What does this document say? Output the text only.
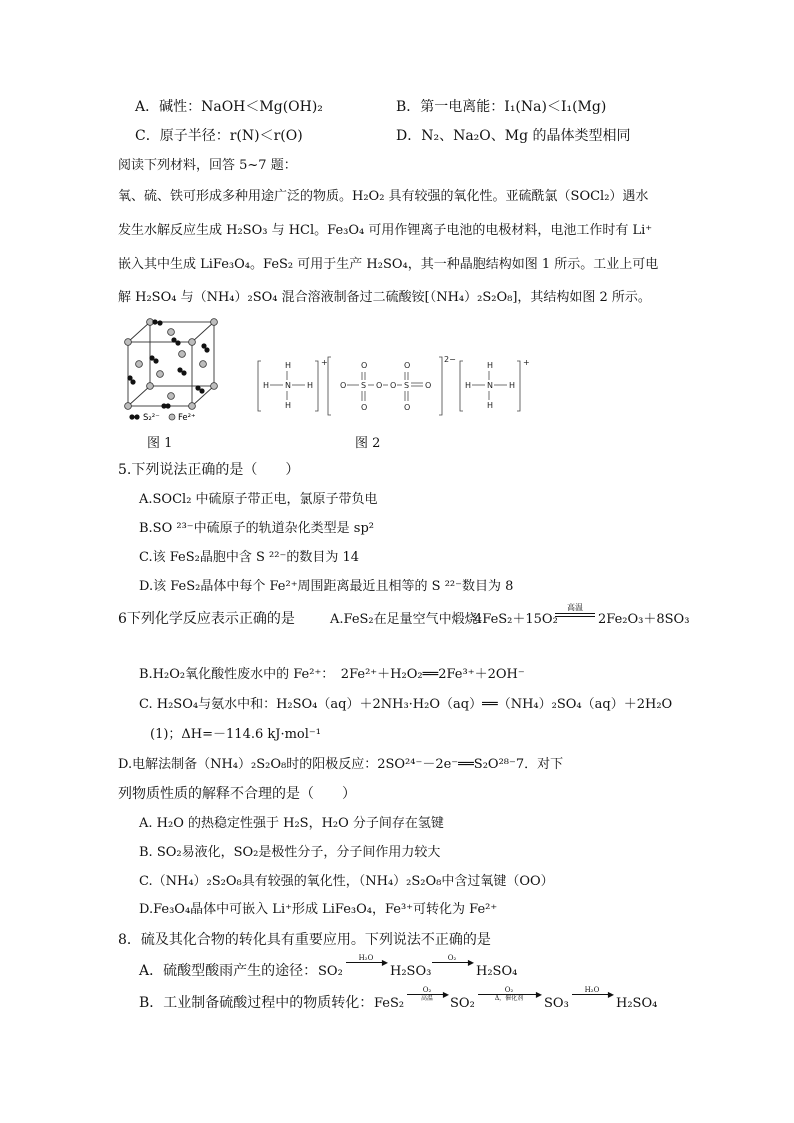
A．碱性：NaOH＜Mg(OH)₂	B．第一电离能：I₁(Na)＜I₁(Mg)
C．原子半径：r(N)＜r(O)	D．N₂、Na₂O、Mg 的晶体类型相同
阅读下列材料，回答 5~7 题：
氧、硫、铁可形成多种用途广泛的物质。H₂O₂ 具有较强的氧化性。亚硫酰氯（SOCl₂）遇水
发生水解反应生成 H₂SO₃ 与 HCl。Fe₃O₄ 可用作锂离子电池的电极材料，电池工作时有 Li⁺
嵌入其中生成 LiFe₃O₄。FeS₂ 可用于生产 H₂SO₄，其一种晶胞结构如图 1 所示。工业上可电
解 H₂SO₄ 与（NH₄）₂SO₄ 混合溶液制备过二硫酸铵[（NH₄）₂S₂O₈]，其结构如图 2 所示。
S₂²⁻ Fe²⁺
图 1
+
H
H N H
H
2−
O	O
O S O O S O
O	O
+
H
H N H
H
图 2
5.下列说法正确的是（　　）
A.SOCl₂ 中硫原子带正电，氯原子带负电
B.SO ²³⁻中硫原子的轨道杂化类型是 sp²
C.该 FeS₂晶胞中含 S ²²⁻的数目为 14
D.该 FeS₂晶体中每个 Fe²⁺周围距离最近且相等的 S ²²⁻数目为 8
6下列化学反应表示正确的是	A.FeS₂在足量空气中煅烧:
4FeS₂＋15O₂
高温
2Fe₂O₃＋8SO₃
B.H₂O₂氧化酸性废水中的 Fe²⁺：　2Fe²⁺＋H₂O₂══2Fe³⁺＋2OH⁻
C. H₂SO₄与氨水中和：H₂SO₄（aq）＋2NH₃·H₂O（aq）══（NH₄）₂SO₄（aq）＋2H₂O
(1)；ΔH=－114.6 kJ·mol⁻¹
D.电解法制备（NH₄）₂S₂O₈时的阳极反应：2SO²⁴⁻－2e⁻══S₂O²⁸⁻7．对下
列物质性质的解释不合理的是（　　）
A. H₂O 的热稳定性强于 H₂S，H₂O 分子间存在氢键
B. SO₂易液化，SO₂是极性分子，分子间作用力较大
C.（NH₄）₂S₂O₈具有较强的氧化性，（NH₄）₂S₂O₈中含过氧键（OO）
D.Fe₃O₄晶体中可嵌入 Li⁺形成 LiFe₃O₄，Fe³⁺可转化为 Fe²⁺
8．硫及其化合物的转化具有重要应用。下列说法不正确的是
A．硫酸型酸雨产生的途径： SO₂
H₂O	▶
H₂SO₃
O₂	▶
H₂SO₄
B．工业制备硫酸过程中的物质转化： FeS₂
O₂	▶
高温	SO₂
O₂	▶
Δ，催化剂	SO₃
H₂O	▶
H₂SO₄
